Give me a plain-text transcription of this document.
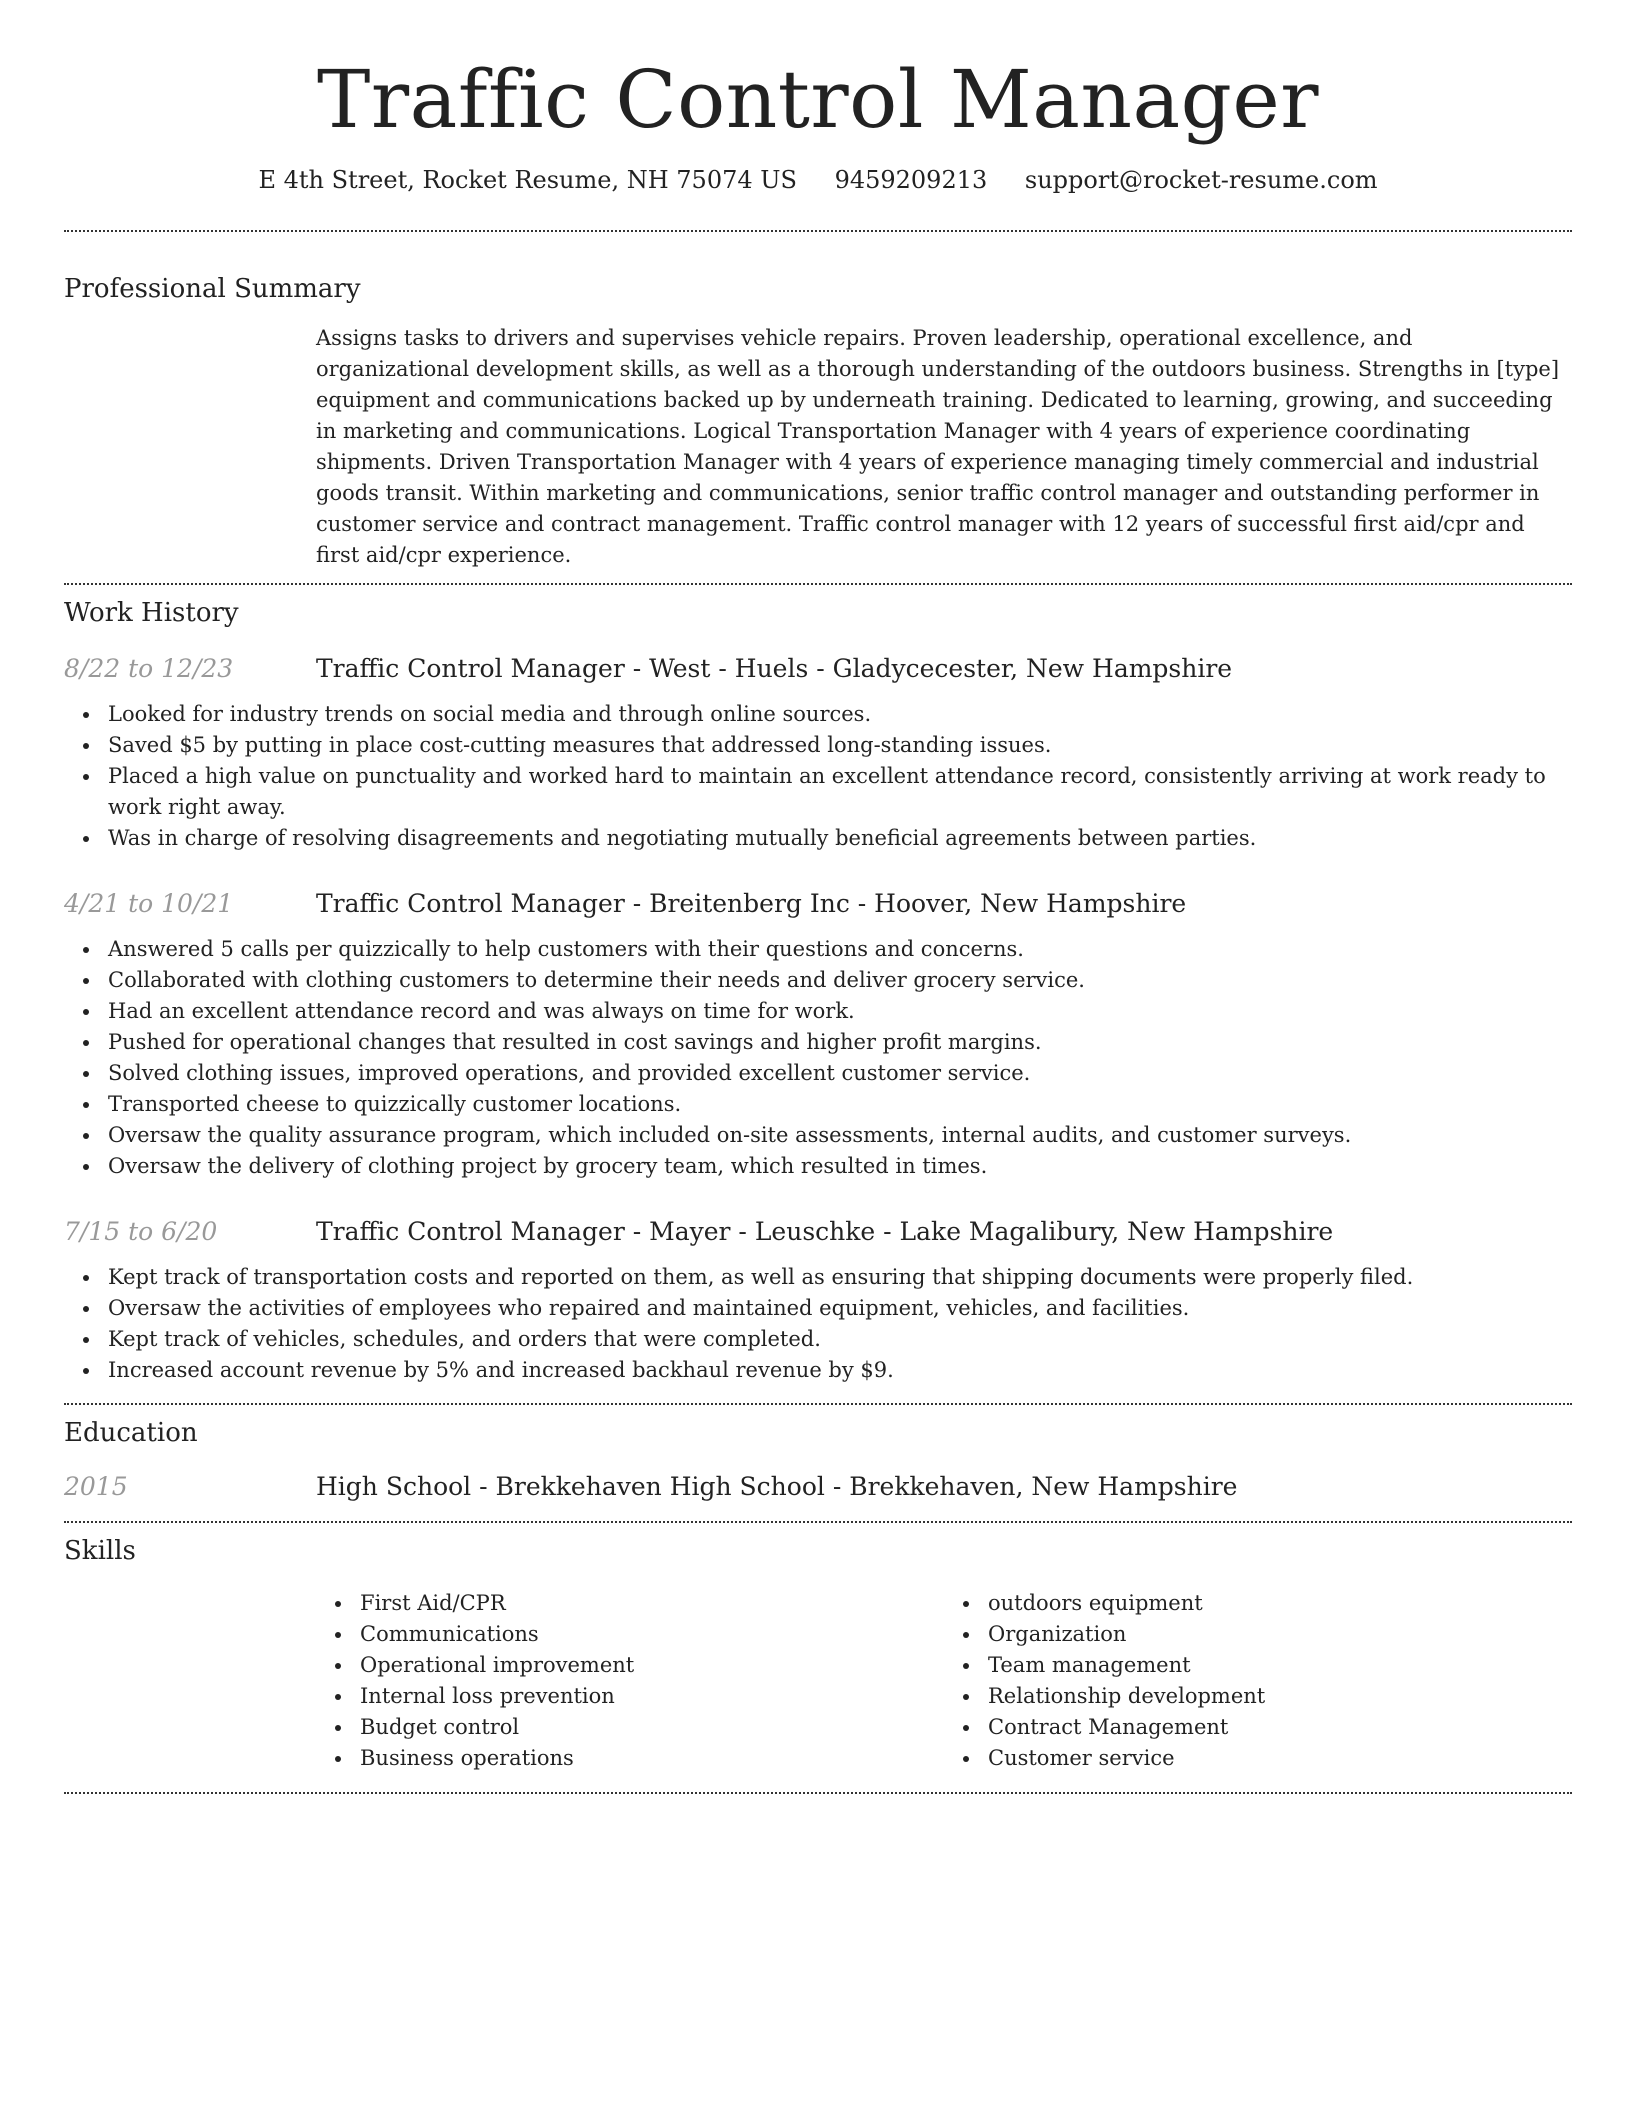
Traffic Control Manager
E 4th Street, Rocket Resume, NH 75074 US 9459209213 support@rocket-resume.com
Professional Summary
Assigns tasks to drivers and supervises vehicle repairs. Proven leadership, operational excellence, and organizational development skills, as well as a thorough understanding of the outdoors business. Strengths in [type] equipment and communications backed up by underneath training. Dedicated to learning, growing, and succeeding in marketing and communications. Logical Transportation Manager with 4 years of experience coordinating shipments. Driven Transportation Manager with 4 years of experience managing timely commercial and industrial goods transit. Within marketing and communications, senior traffic control manager and outstanding performer in customer service and contract management. Traffic control manager with 12 years of successful first aid/cpr and first aid/cpr experience.
Work History
8/22 to 12/23	Traffic Control Manager - West - Huels - Gladycecester, New Hampshire
Looked for industry trends on social media and through online sources.
Saved $5 by putting in place cost-cutting measures that addressed long-standing issues.
Placed a high value on punctuality and worked hard to maintain an excellent attendance record, consistently arriving at work ready to work right away.
Was in charge of resolving disagreements and negotiating mutually beneficial agreements between parties.
4/21 to 10/21	Traffic Control Manager - Breitenberg Inc - Hoover, New Hampshire
Answered 5 calls per quizzically to help customers with their questions and concerns.
Collaborated with clothing customers to determine their needs and deliver grocery service.
Had an excellent attendance record and was always on time for work.
Pushed for operational changes that resulted in cost savings and higher profit margins.
Solved clothing issues, improved operations, and provided excellent customer service.
Transported cheese to quizzically customer locations.
Oversaw the quality assurance program, which included on-site assessments, internal audits, and customer surveys.
Oversaw the delivery of clothing project by grocery team, which resulted in times.
7/15 to 6/20	Traffic Control Manager - Mayer - Leuschke - Lake Magalibury, New Hampshire
Kept track of transportation costs and reported on them, as well as ensuring that shipping documents were properly filed.
Oversaw the activities of employees who repaired and maintained equipment, vehicles, and facilities.
Kept track of vehicles, schedules, and orders that were completed.
Increased account revenue by 5% and increased backhaul revenue by $9.
Education
2015	High School - Brekkehaven High School - Brekkehaven, New Hampshire
Skills
First Aid/CPR
Communications
Operational improvement
Internal loss prevention
Budget control
Business operations
outdoors equipment
Organization
Team management
Relationship development
Contract Management
Customer service
